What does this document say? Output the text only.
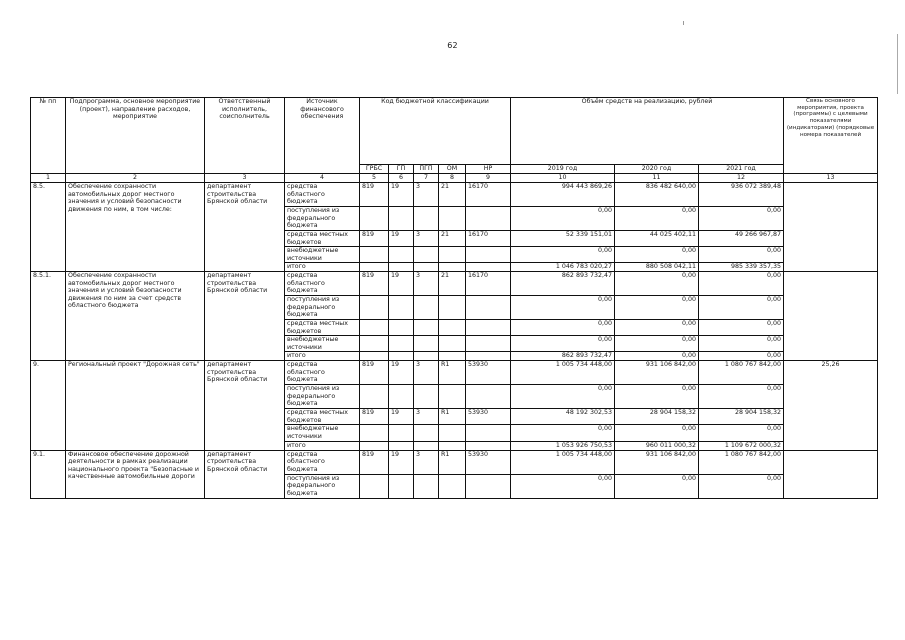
62
№ пп	Подпрограмма, основное мероприятие (проект), направление расходов, мероприятие	Ответственный исполнитель, соисполнитель	Источник финансового обеспечения	Код бюджетной классификации					Объём средств на реализацию, рублей			Связь основного мероприятия, проекта (программы) с целевыми показателями (индикаторами) (порядковые номера показателей
				ГРБС	ГП	ПГП	ОМ	НР	2019 год	2020 год	2021 год	
1	2	3	4	5	6	7	8	9	10	11	12	13
8.5.	Обеспечение сохранности автомобильных дорог местного значения и условий безопасности движения по ним, в том числе:	департамент строительства Брянской области	средства областного бюджета	819	19	3	21	16170	994 443 869,26	836 482 640,00	936 072 389,48	
			поступления из федерального бюджета						0,00	0,00	0,00	
			средства местных бюджетов	819	19	3	21	16170	52 339 151,01	44 025 402,11	49 266 967,87	
			внебюджетные источники						0,00	0,00	0,00	
			итого						1 046 783 020,27	880 508 042,11	985 339 357,35	
8.5.1.	Обеспечение сохранности автомобильных дорог местного значения и условий безопасности движения по ним за счет средств областного бюджета	департамент строительства Брянской области	средства областного бюджета	819	19	3	21	16170	862 893 732,47	0,00	0,00	
			поступления из федерального бюджета						0,00	0,00	0,00	
			средства местных бюджетов						0,00	0,00	0,00	
			внебюджетные источники						0,00	0,00	0,00	
			итого						862 893 732,47	0,00	0,00	
9.	Региональный проект "Дорожная сеть"	департамент строительства Брянской области	средства областного бюджета	819	19	3	R1	53930	1 005 734 448,00	931 106 842,00	1 080 767 842,00	25,26
			поступления из федерального бюджета						0,00	0,00	0,00	
			средства местных бюджетов	819	19	3	R1	53930	48 192 302,53	28 904 158,32	28 904 158,32	
			внебюджетные источники						0,00	0,00	0,00	
			итого						1 053 926 750,53	960 011 000,32	1 109 672 000,32	
9.1.	Финансовое обеспечение дорожной деятельности в рамках реализации национального проекта "Безопасные и качественные автомобильные дороги	департамент строительства Брянской области	средства областного бюджета	819	19	3	R1	53930	1 005 734 448,00	931 106 842,00	1 080 767 842,00	
			поступления из федерального бюджета						0,00	0,00	0,00	
